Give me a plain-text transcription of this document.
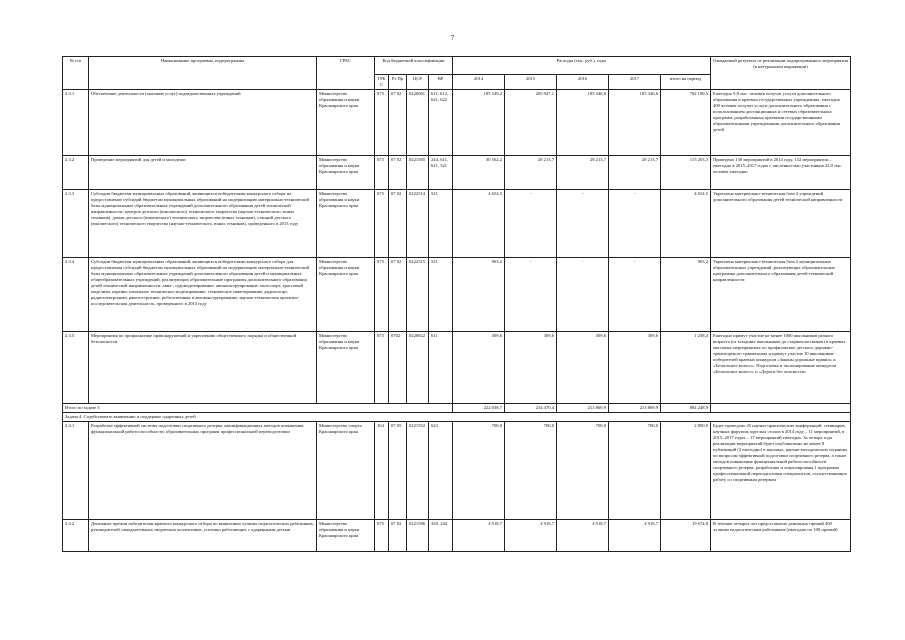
7
№ п/п	Наименование программы, подпрограммы	ГРБС	Код бюджетной классификации				Расходы (тыс. руб.), годы					Ожидаемый результат от реализации подпрограммного мероприятия (в натуральном выражении)
			ГРБС	Рз Пр	ЦСР	ВР	2014	2015	2016	2017	итого на период	
2.3.1	Обеспечение деятельности (оказание услуг) подведомственных учреждений	Министерство образования и науки Красноярского края	075	07 02	0220061	611, 612, 621, 622	185 549,2	205 947,1	185 346,6	185 346,6	762 189,5	Ежегодно 9,8 тыс. человек получат услуги дополнительного образования в краевых государственных учреждениях; ежегодно 400 человек получат услуги дополнительного образования с использованием дистанционных и сетевых образовательных программ, разработанных краевыми государственными образовательными учреждениями дополнительного образования детей
2.3.2	Проведение мероприятий для детей и молодежи	Министерство образования и науки Красноярского края	075	07 02	0221585	244, 611, 621, 521	30 562,2	28 213,7	28 213,7	28 213,7	115 203,3	Проведено 130 мероприятий в 2014 году, 132 мероприятия – ежегодно в 2015–2017 годах с численностью участников 22,0 тыс. человек ежегодно
2.3.3	Субсидии бюджетам муниципальных образований, являющихся победителями конкурсного отбора на предоставление субсидий бюджетам муниципальных образований на модернизацию материально-технической базы муниципальных образовательных учреждений дополнительного образования детей технической направленности: центров детского (юношеского) технического творчества (научно-технического, юных техников), домов детского (юношеского) технического творчества (юных техников), станций детского (юношеского) технического творчества (научно-технического, юных техников), проведенного в 2013 году	Министерство образования и науки Красноярского края	075	07 02	0222514	521	4 654,5	-	-	-	4 654,5	Укреплена материально-техническая база 4 учреждений дополнительного образования детей технической направленности
2.3.4	Субсидии бюджетам муниципальных образований, являющихся победителями конкурсного отбора для предоставления субсидий бюджетам муниципальных образований на модернизацию материально-технической базы муниципальных образовательных учреждений дополнительного образования детей и муниципальных общеобразовательных учреждений, реализующих образовательные программы дополнительного образования детей технической направленности: авиа-, судомоделирование, автоконструирование, мотоспорт, трассовый моделизм, картинг, начальное техническое моделирование, техническое макетирование, радиоспорт, радиоэлектроника, ракетостроение, робототехника и автоконструирование, научно-техническая проектно-исследовательская деятельность, проведенного в 2013 году	Министерство образования и науки Красноярского края	075	07 02	0222515	521	963,2	-	-	-	963,2	Укреплена материально-техническая база 2 муниципальных образовательных учреждений, реализующих образовательные программы дополнительного образования детей технической направленности
2.3.5	Мероприятия по профилактике правонарушений и укреплению общественного порядка и общественной безопасности	Министерство образования и науки Красноярского края	075	0702	0220822	611	309,6	309,6	309,6	309,6	1 238,4	Ежегодно примут участие не менее 1000 школьников разного возраста (от младших школьников до старшеклассников) в краевых массовых мероприятиях по профилактике детского дорожно-транспортного травматизма и примут участие 10 школьников-победителей краевых конкурсов «Законы дорожные правил» и «Безопасное колесо». Подготовка и экспонирование конкурсов «Безопасное колесо» и «Дороги без опасности»
Итого по задаче 3							222 038,7	234 470,4	213 869,9	213 869,9	884 248,9	
Задача 4. Содействовать выявлению и поддержке одаренных детей												
2.4.1.	Разработка эффективной системы подготовки спортивного резерва, квалификационных методов повышения функциональной работоспособности, образовательных программ профессиональной переподготовки	Министерство спорта Красноярского края	164	07 05	0221552	623	700,0	700,0	700,0	700,0	2 800,0	Будет проведено 45 научно-практических конференций, семинаров, научных форумов, круглых столов в 2014 году – 11 мероприятий, в 2015–2017 годах – 17 мероприятий ежегодно. За четыре года реализации мероприятий будет опубликовано не менее 8 публикаций (2 ежегодно) в научных, научно-методических изданиях по вопросам эффективной подготовки спортивного резерва, а также методов повышения функциональной работоспособности спортивного резерва, разработана и лицензирована 1 программа профессиональной переподготовки специалистов, осуществляющих работу со спортивным резервом
2.4.2	Денежные премии победителям краевого конкурсного отбора по выявлению лучших педагогических работников, руководителей самодеятельных творческих коллективов, успешно работающих с одаренными детьми	Министерство образования и науки Красноярского края	075	07 02	0221586	350, 244	4 918,7	4 918,7	4 918,7	4 918,7	19 674,8	В течение четырех лет предоставлено денежных премий 400 лучшим педагогическим работникам (ежегодно по 100 премий)
